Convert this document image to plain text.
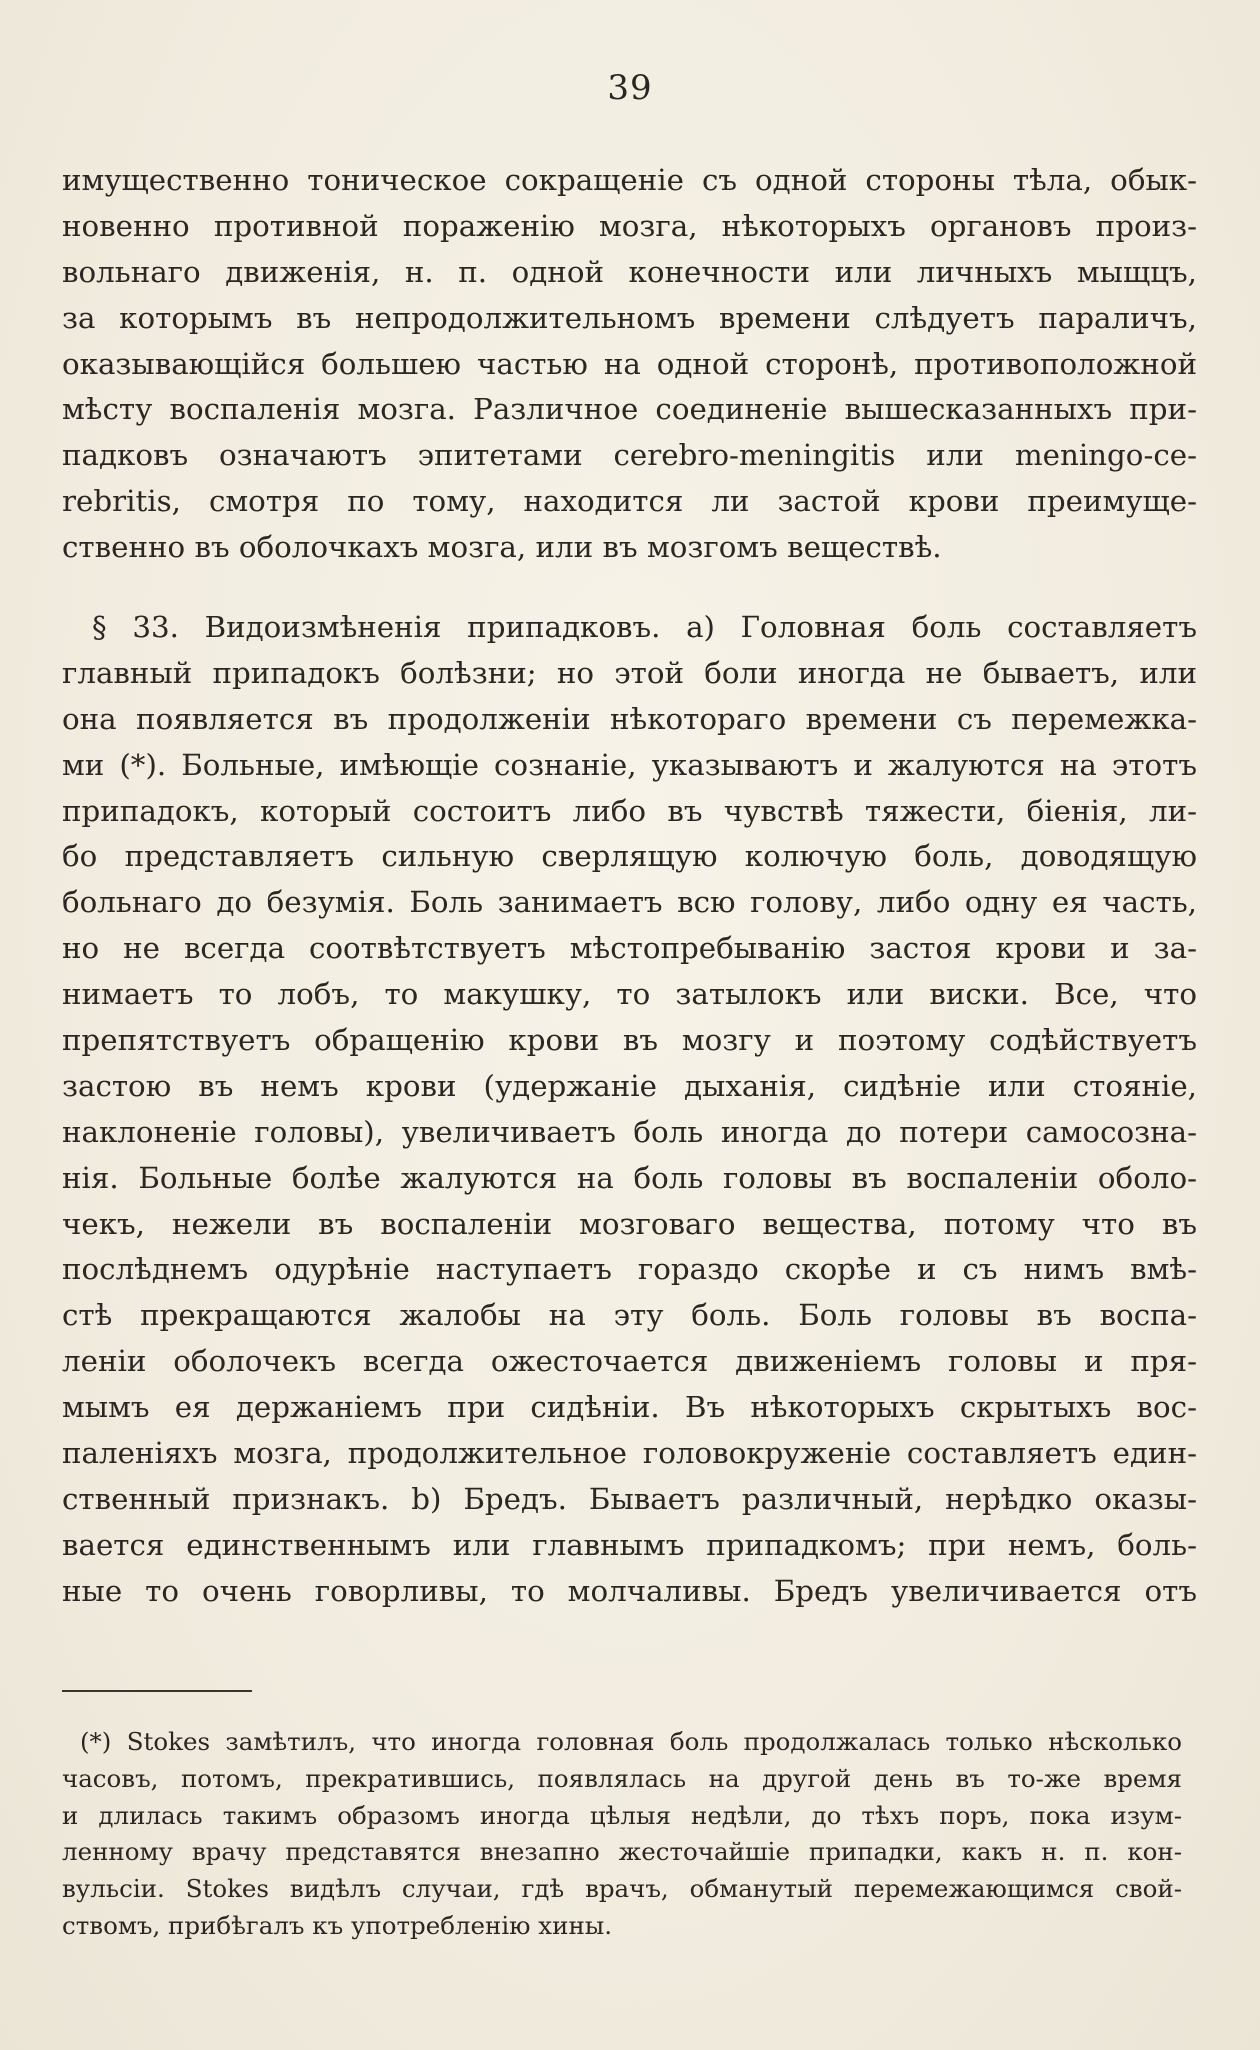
39
имущественно тоническое сокращеніе съ одной стороны тѣла, обык-
новенно противной пораженію мозга, нѣкоторыхъ органовъ произ-
вольнаго движенія, н. п. одной конечности или личныхъ мыщцъ,
за которымъ въ непродолжительномъ времени слѣдуетъ параличъ,
оказывающійся большею частью на одной сторонѣ, противоположной
мѣсту воспаленія мозга. Различное соединеніе вышесказанныхъ при-
падковъ означаютъ эпитетами cerebro-meningitis или meningo-ce-
rebritis, смотря по тому, находится ли застой крови преимуще-
ственно въ оболочкахъ мозга, или въ мозгомъ веществѣ.
§ 33. Видоизмѣненія припадковъ. a) Головная боль составляетъ
главный припадокъ болѣзни; но этой боли иногда не бываетъ, или
она появляется въ продолженіи нѣкотораго времени съ перемежка-
ми (*). Больные, имѣющіе сознаніе, указываютъ и жалуются на этотъ
припадокъ, который состоитъ либо въ чувствѣ тяжести, біенія, ли-
бо представляетъ сильную сверлящую колючую боль, доводящую
больнаго до безумія. Боль занимаетъ всю голову, либо одну ея часть,
но не всегда соотвѣтствуетъ мѣстопребыванію застоя крови и за-
нимаетъ то лобъ, то макушку, то затылокъ или виски. Все, что
препятствуетъ обращенію крови въ мозгу и поэтому содѣйствуетъ
застою въ немъ крови (удержаніе дыханія, сидѣніе или стояніе,
наклоненіе головы), увеличиваетъ боль иногда до потери самосозна-
нія. Больные болѣе жалуются на боль головы въ воспаленіи оболо-
чекъ, нежели въ воспаленіи мозговаго вещества, потому что въ
послѣднемъ одурѣніе наступаетъ гораздо скорѣе и съ нимъ вмѣ-
стѣ прекращаются жалобы на эту боль. Боль головы въ воспа-
леніи оболочекъ всегда ожесточается движеніемъ головы и пря-
мымъ ея держаніемъ при сидѣніи. Въ нѣкоторыхъ скрытыхъ вос-
паленіяхъ мозга, продолжительное головокруженіе составляетъ един-
ственный признакъ. b) Бредъ. Бываетъ различный, нерѣдко оказы-
вается единственнымъ или главнымъ припадкомъ; при немъ, боль-
ные то очень говорливы, то молчаливы. Бредъ увеличивается отъ
(*) Stokes замѣтилъ, что иногда головная боль продолжалась только нѣсколько
часовъ, потомъ, прекратившись, появлялась на другой день въ то-же время
и длилась такимъ образомъ иногда цѣлыя недѣли, до тѣхъ поръ, пока изум-
ленному врачу представятся внезапно жесточайшіе припадки, какъ н. п. кон-
вульсіи. Stokes видѣлъ случаи, гдѣ врачъ, обманутый перемежающимся свой-
ствомъ, прибѣгалъ къ употребленію хины.
